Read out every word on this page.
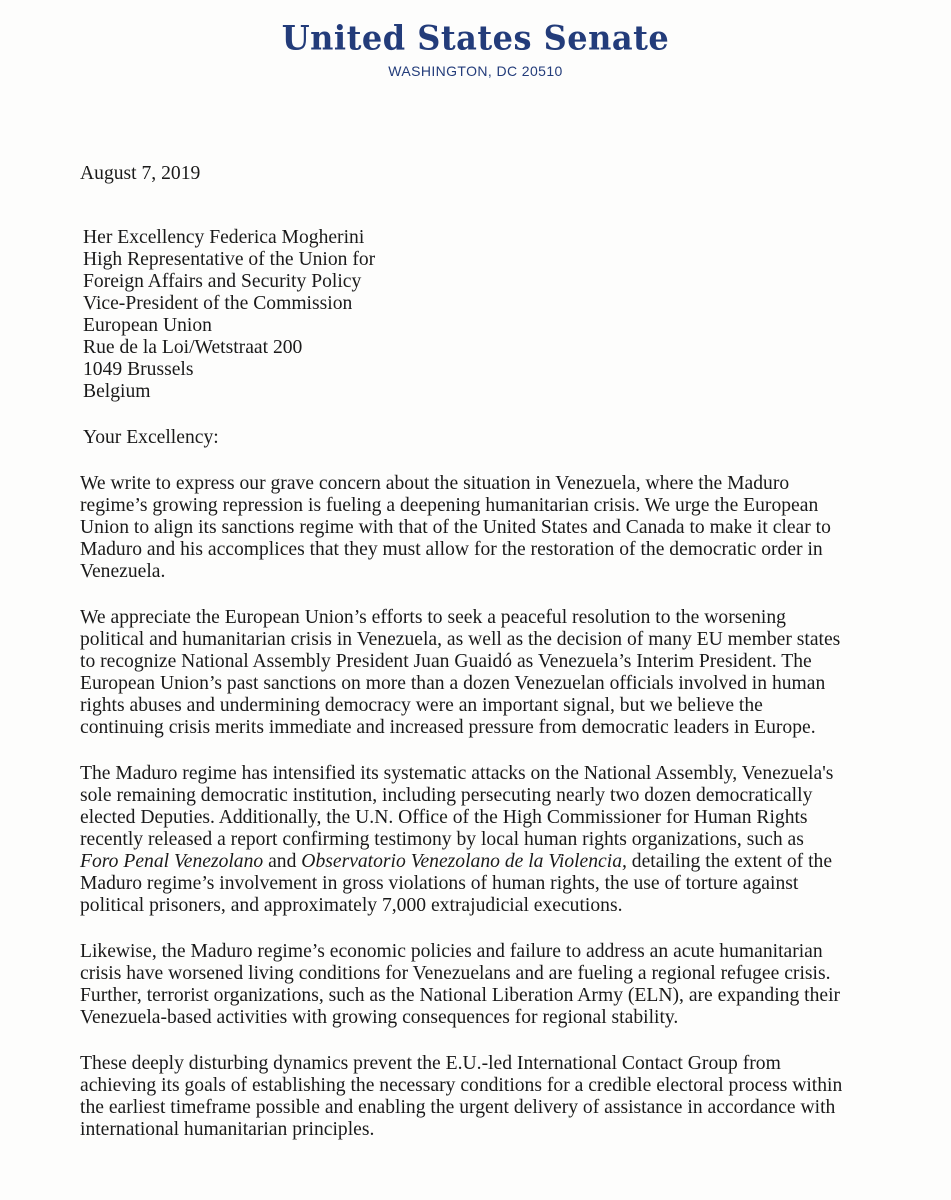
United States Senate
WASHINGTON, DC 20510

August 7, 2019

Her Excellency Federica Mogherini
High Representative of the Union for
Foreign Affairs and Security Policy
Vice-President of the Commission
European Union
Rue de la Loi/Wetstraat 200
1049 Brussels
Belgium

Your Excellency:

We write to express our grave concern about the situation in Venezuela, where the Maduro
regime’s growing repression is fueling a deepening humanitarian crisis. We urge the European
Union to align its sanctions regime with that of the United States and Canada to make it clear to
Maduro and his accomplices that they must allow for the restoration of the democratic order in
Venezuela.

We appreciate the European Union’s efforts to seek a peaceful resolution to the worsening
political and humanitarian crisis in Venezuela, as well as the decision of many EU member states
to recognize National Assembly President Juan Guaidó as Venezuela’s Interim President. The
European Union’s past sanctions on more than a dozen Venezuelan officials involved in human
rights abuses and undermining democracy were an important signal, but we believe the
continuing crisis merits immediate and increased pressure from democratic leaders in Europe.

The Maduro regime has intensified its systematic attacks on the National Assembly, Venezuela's
sole remaining democratic institution, including persecuting nearly two dozen democratically
elected Deputies. Additionally, the U.N. Office of the High Commissioner for Human Rights
recently released a report confirming testimony by local human rights organizations, such as
Foro Penal Venezolano and Observatorio Venezolano de la Violencia, detailing the extent of the
Maduro regime’s involvement in gross violations of human rights, the use of torture against
political prisoners, and approximately 7,000 extrajudicial executions.

Likewise, the Maduro regime’s economic policies and failure to address an acute humanitarian
crisis have worsened living conditions for Venezuelans and are fueling a regional refugee crisis.
Further, terrorist organizations, such as the National Liberation Army (ELN), are expanding their
Venezuela-based activities with growing consequences for regional stability.

These deeply disturbing dynamics prevent the E.U.-led International Contact Group from
achieving its goals of establishing the necessary conditions for a credible electoral process within
the earliest timeframe possible and enabling the urgent delivery of assistance in accordance with
international humanitarian principles.
